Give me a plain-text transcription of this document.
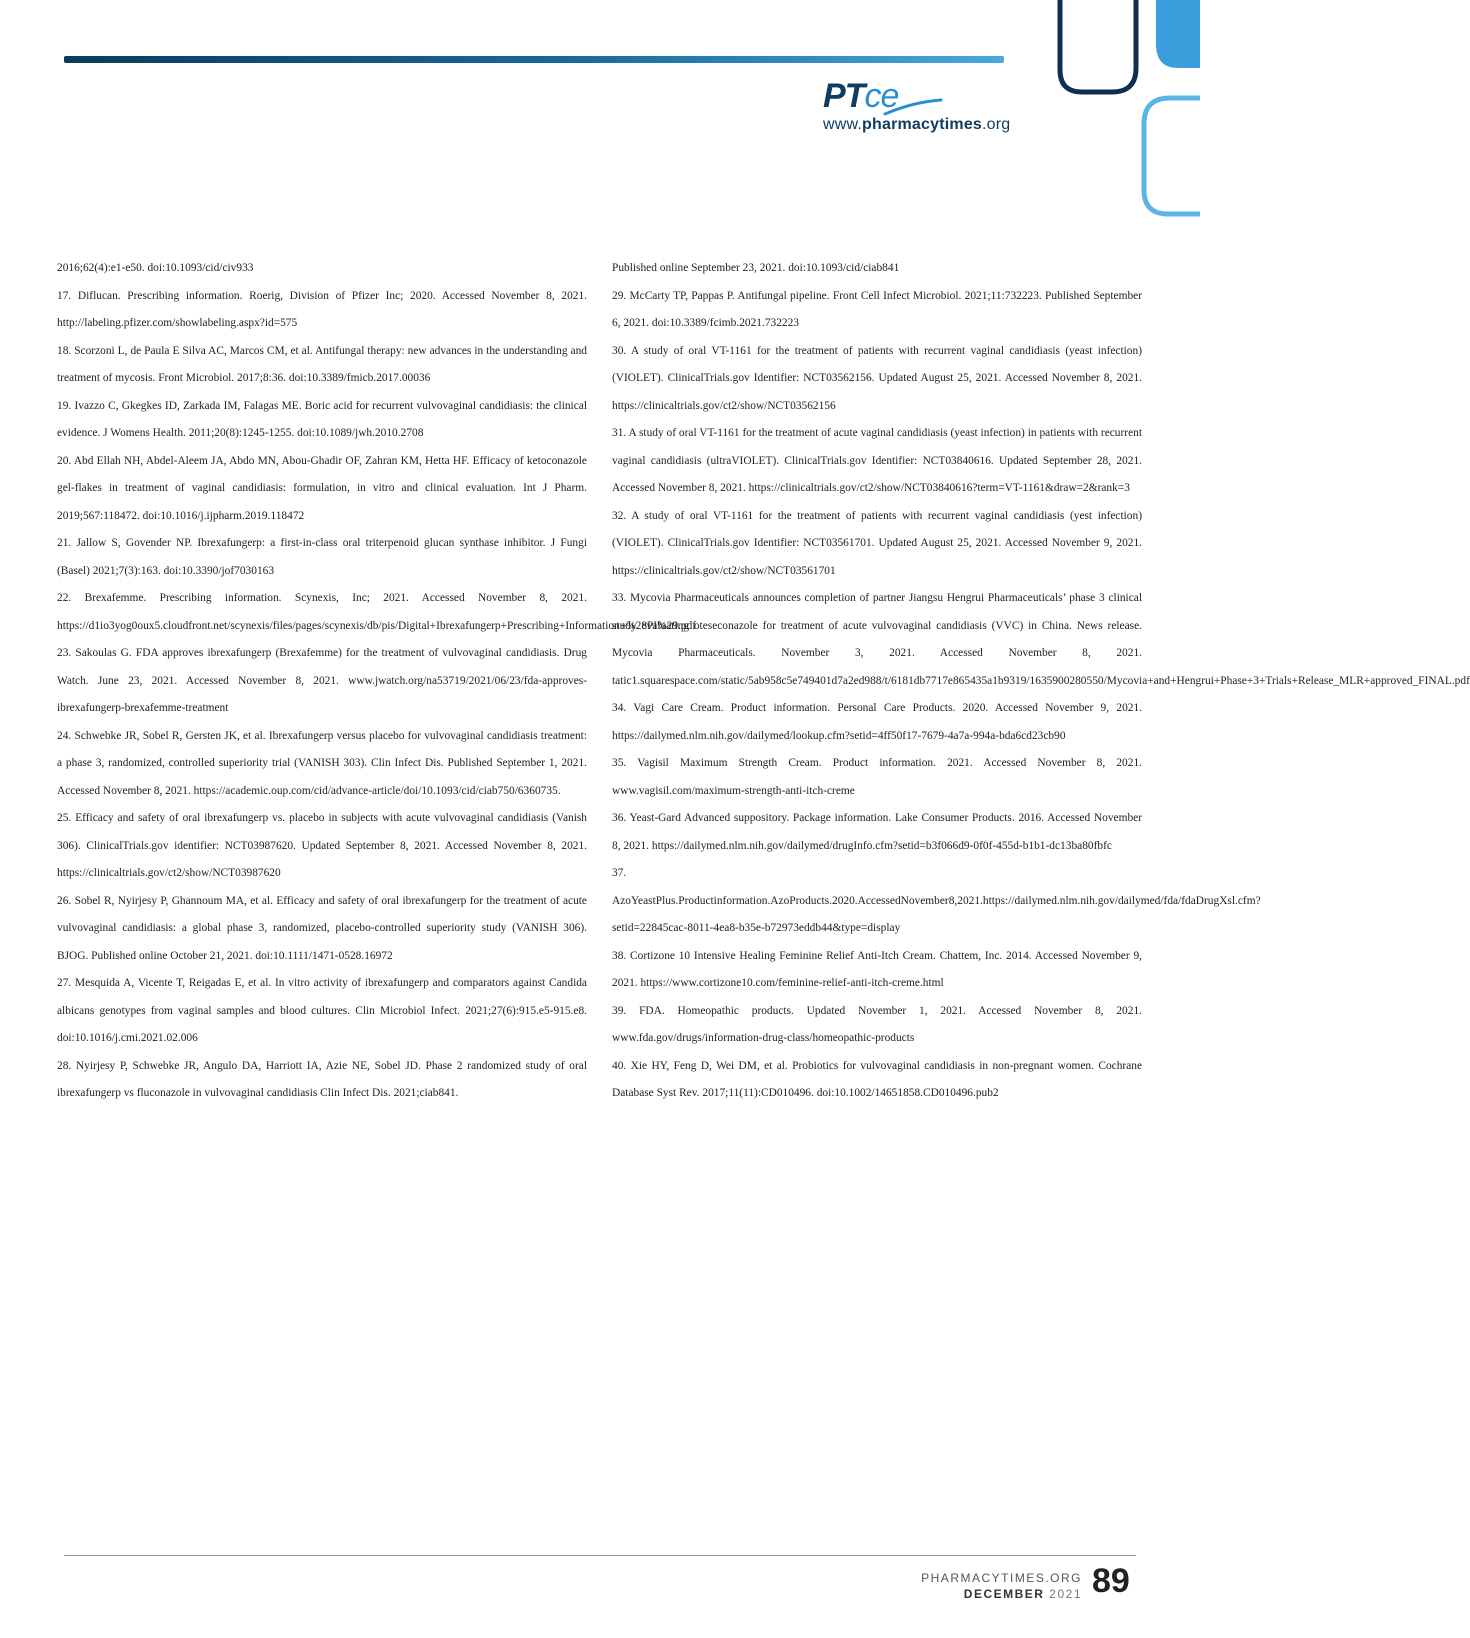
PTce
www.pharmacytimes.org

2016;62(4):e1-e50. doi:10.1093/cid/civ933

17. Diflucan. Prescribing information. Roerig, Division of Pfizer Inc; 2020. Accessed November 8, 2021. http://labeling.pfizer.com/showlabeling.aspx?id=575

18. Scorzoni L, de Paula E Silva AC, Marcos CM, et al. Antifungal therapy: new advances in the understanding and treatment of mycosis. Front Microbiol. 2017;8:36. doi:10.3389/fmicb.2017.00036

19. Ivazzo C, Gkegkes ID, Zarkada IM, Falagas ME. Boric acid for recurrent vulvovaginal candidiasis: the clinical evidence. J Womens Health. 2011;20(8):1245-1255. doi:10.1089/jwh.2010.2708

20. Abd Ellah NH, Abdel-Aleem JA, Abdo MN, Abou-Ghadir OF, Zahran KM, Hetta HF. Efficacy of ketoconazole gel-flakes in treatment of vaginal candidiasis: formulation, in vitro and clinical evaluation. Int J Pharm. 2019;567:118472. doi:10.1016/j.ijpharm.2019.118472

21. Jallow S, Govender NP. Ibrexafungerp: a first-in-class oral triterpenoid glucan synthase inhibitor. J Fungi (Basel) 2021;7(3):163. doi:10.3390/jof7030163

22. Brexafemme. Prescribing information. Scynexis, Inc; 2021. Accessed November 8, 2021. https://d1io3yog0oux5.cloudfront.net/scynexis/files/pages/scynexis/db/pis/Digital+Ibrexafungerp+Prescribing+Information+%28PI%29.pdf

23. Sakoulas G. FDA approves ibrexafungerp (Brexafemme) for the treatment of vulvovaginal candidiasis. Drug Watch. June 23, 2021. Accessed November 8, 2021. www.jwatch.org/na53719/2021/06/23/fda-approves-ibrexafungerp-brexafemme-treatment

24. Schwebke JR, Sobel R, Gersten JK, et al. Ibrexafungerp versus placebo for vulvovaginal candidiasis treatment: a phase 3, randomized, controlled superiority trial (VANISH 303). Clin Infect Dis. Published September 1, 2021. Accessed November 8, 2021. https://academic.oup.com/cid/advance-article/doi/10.1093/cid/ciab750/6360735.

25. Efficacy and safety of oral ibrexafungerp vs. placebo in subjects with acute vulvovaginal candidiasis (Vanish 306). ClinicalTrials.gov identifier: NCT03987620. Updated September 8, 2021. Accessed November 8, 2021. https://clinicaltrials.gov/ct2/show/NCT03987620

26. Sobel R, Nyirjesy P, Ghannoum MA, et al. Efficacy and safety of oral ibrexafungerp for the treatment of acute vulvovaginal candidiasis: a global phase 3, randomized, placebo-controlled superiority study (VANISH 306). BJOG. Published online October 21, 2021. doi:10.1111/1471-0528.16972

27. Mesquida A, Vicente T, Reigadas E, et al. In vitro activity of ibrexafungerp and comparators against Candida albicans genotypes from vaginal samples and blood cultures. Clin Microbiol Infect. 2021;27(6):915.e5-915.e8. doi:10.1016/j.cmi.2021.02.006

28. Nyirjesy P, Schwebke JR, Angulo DA, Harriott IA, Azie NE, Sobel JD. Phase 2 randomized study of oral ibrexafungerp vs fluconazole in vulvovaginal candidiasis Clin Infect Dis. 2021;ciab841.

Published online September 23, 2021. doi:10.1093/cid/ciab841

29. McCarty TP, Pappas P. Antifungal pipeline. Front Cell Infect Microbiol. 2021;11:732223. Published September 6, 2021. doi:10.3389/fcimb.2021.732223

30. A study of oral VT-1161 for the treatment of patients with recurrent vaginal candidiasis (yeast infection) (VIOLET). ClinicalTrials.gov Identifier: NCT03562156. Updated August 25, 2021. Accessed November 8, 2021. https://clinicaltrials.gov/ct2/show/NCT03562156

31. A study of oral VT-1161 for the treatment of acute vaginal candidiasis (yeast infection) in patients with recurrent vaginal candidiasis (ultraVIOLET). ClinicalTrials.gov Identifier: NCT03840616. Updated September 28, 2021. Accessed November 8, 2021. https://clinicaltrials.gov/ct2/show/NCT03840616?term=VT-1161&draw=2&rank=3

32. A study of oral VT-1161 for the treatment of patients with recurrent vaginal candidiasis (yest infection) (VIOLET). ClinicalTrials.gov Identifier: NCT03561701. Updated August 25, 2021. Accessed November 9, 2021. https://clinicaltrials.gov/ct2/show/NCT03561701

33. Mycovia Pharmaceuticals announces completion of partner Jiangsu Hengrui Pharmaceuticals’ phase 3 clinical study evaluating oteseconazole for treatment of acute vulvovaginal candidiasis (VVC) in China. News release. Mycovia Pharmaceuticals. November 3, 2021. Accessed November 8, 2021. tatic1.squarespace.com/static/5ab958c5e749401d7a2ed988/t/6181db7717e865435a1b9319/1635900280550/Mycovia+and+Hengrui+Phase+3+Trials+Release_MLR+approved_FINAL.pdf

34. Vagi Care Cream. Product information. Personal Care Products. 2020. Accessed November 9, 2021. https://dailymed.nlm.nih.gov/dailymed/lookup.cfm?setid=4ff50f17-7679-4a7a-994a-bda6cd23cb90

35. Vagisil Maximum Strength Cream. Product information. 2021. Accessed November 8, 2021. www.vagisil.com/maximum-strength-anti-itch-creme

36. Yeast-Gard Advanced suppository. Package information. Lake Consumer Products. 2016. Accessed November 8, 2021. https://dailymed.nlm.nih.gov/dailymed/drugInfo.cfm?setid=b3f066d9-0f0f-455d-b1b1-dc13ba80fbfc

37. AzoYeastPlus.Productinformation.AzoProducts.2020.AccessedNovember8,2021.https://dailymed.nlm.nih.gov/dailymed/fda/fdaDrugXsl.cfm?setid=22845cac-8011-4ea8-b35e-b72973eddb44&type=display

38. Cortizone 10 Intensive Healing Feminine Relief Anti-Itch Cream. Chattem, Inc. 2014. Accessed November 9, 2021. https://www.cortizone10.com/feminine-relief-anti-itch-creme.html

39. FDA. Homeopathic products. Updated November 1, 2021. Accessed November 8, 2021. www.fda.gov/drugs/information-drug-class/homeopathic-products

40. Xie HY, Feng D, Wei DM, et al. Probiotics for vulvovaginal candidiasis in non-pregnant women. Cochrane Database Syst Rev. 2017;11(11):CD010496. doi:10.1002/14651858.CD010496.pub2

PHARMACYTIMES.ORG
DECEMBER 2021 89
